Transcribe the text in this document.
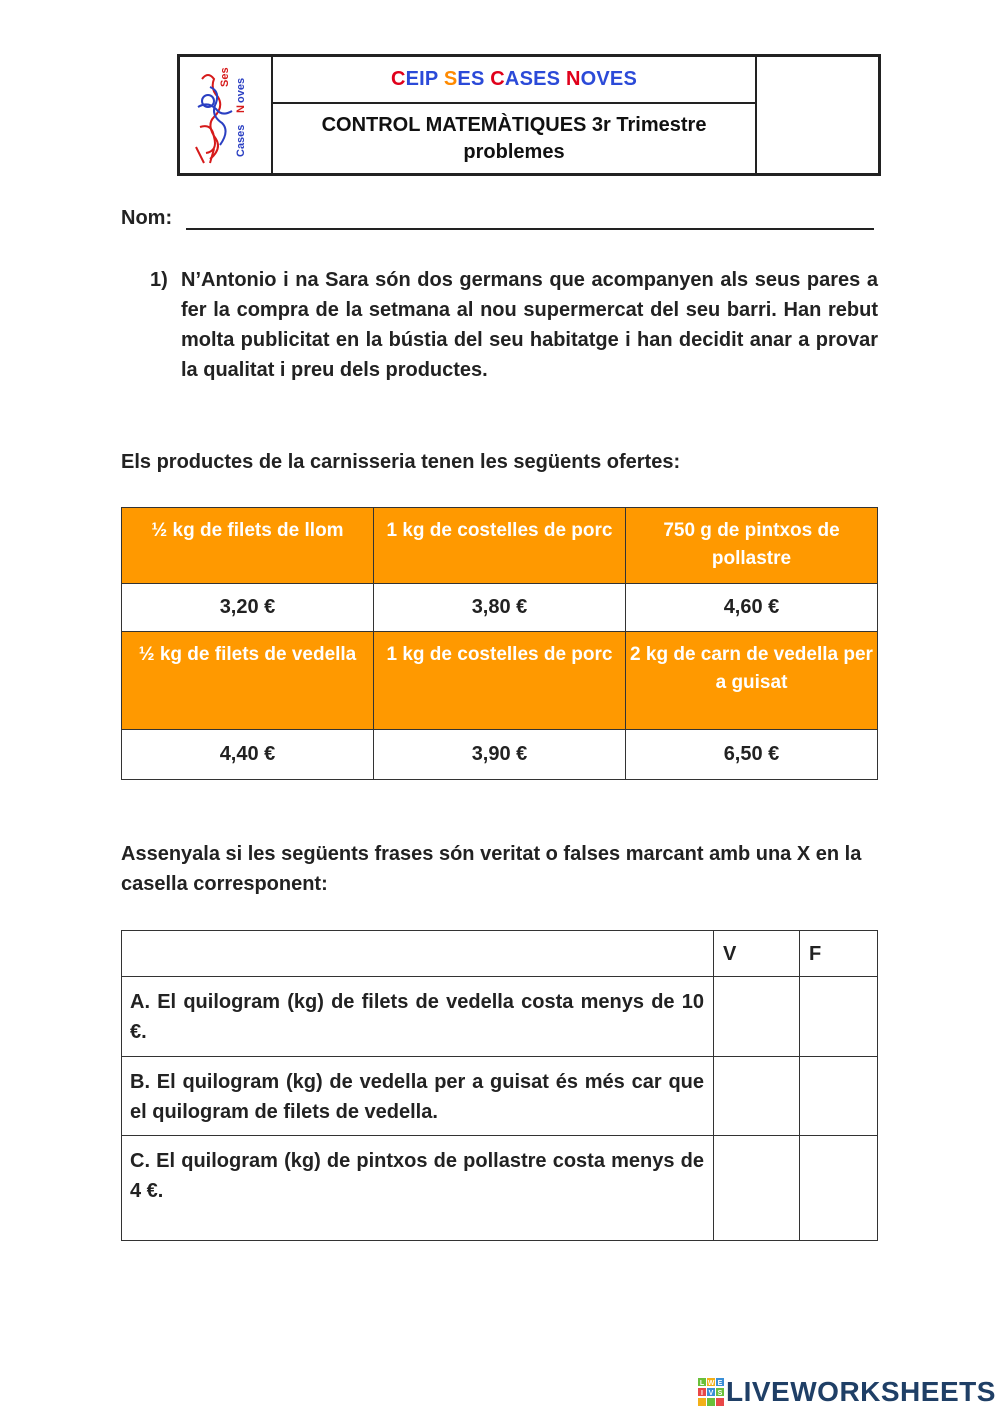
Ses
Cases
N
oves	C EIP S ES C ASES N OVES
CONTROL MATEMÀTIQUES 3r Trimestre
problemes
Nom:
1) N’Antonio i na Sara són dos germans que acompanyen als seus pares a fer la compra de la setmana al nou supermercat del seu barri. Han rebut molta publicitat en la bústia del seu habitatge i han decidit anar a provar la qualitat i preu dels productes.
Els productes de la carnisseria tenen les següents ofertes:
½ kg de filets de llom	1 kg de costelles de porc	750 g de pintxos de pollastre
3,20 €	3,80 €	4,60 €
½ kg de filets de vedella	1 kg de costelles de porc	2 kg de carn de vedella per a guisat
4,40 €	3,90 €	6,50 €
Assenyala si les següents frases són veritat o falses marcant amb una X en la casella corresponent:
	V	F
A. El quilogram (kg) de filets de vedella costa menys de 10 €.		
B. El quilogram (kg) de vedella per a guisat és més car que el quilogram de filets de vedella.		
C. El quilogram (kg) de pintxos de pollastre costa menys de 4 €.		
L W E
I V S LIVEWORKSHEETS
